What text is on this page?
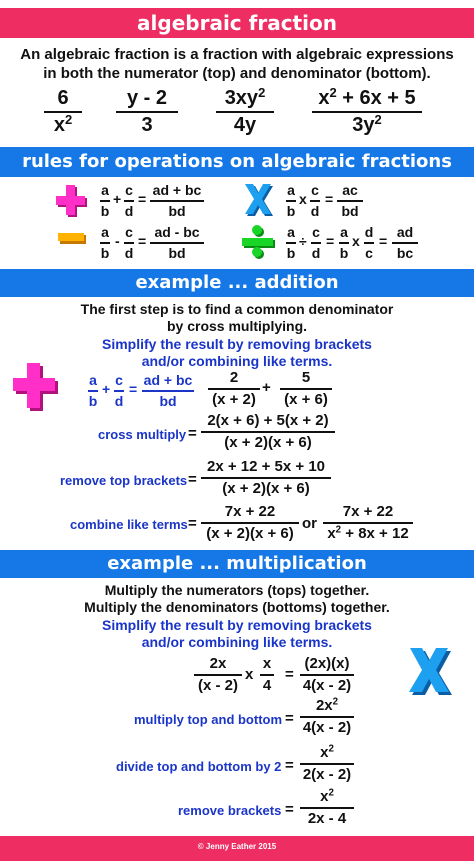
algebraic fraction
An algebraic fraction is a fraction with algebraic expressions
in both the numerator (top) and denominator (bottom).
6
$x^2$
y - 2
3
$3xy^2$
4y
$x^2 + 6x + 5$
$3y^2$
rules for operations on algebraic fractions
a
b
+
c
d
=
ad + bc
bd
a
b
-
c
d
=
ad - bc
bd
a
b
x
c
d
=
ac
bd
a
b
÷
c
d
=
a
b
x
d
c
=
ad
bc
example ... addition
The first step is to find a common denominator
by cross multiplying.
Simplify the result by removing brackets
and/or combining like terms.
a
b
+
c
d
=
ad + bc
bd
2
(x + 2)
+
5
(x + 6)
cross multiply =
2(x + 6) + 5(x + 2)
(x + 2)(x + 6)
remove top brackets =
2x + 12 + 5x + 10
(x + 2)(x + 6)
combine like terms =
7x + 22
(x + 2)(x + 6)
or
7x + 22
$x^2 + 8x + 12$
example ... multiplication
Multiply the numerators (tops) together.
Multiply the denominators (bottoms) together.
Simplify the result by removing brackets
and/or combining like terms.
2x
(x - 2)
x
x
4
=
(2x)(x)
4(x - 2)
multiply top and bottom =
$2x^2$
4(x - 2)
divide top and bottom by 2 =
$x^2$
2(x - 2)
remove brackets =
$x^2$
2x - 4
© Jenny Eather 2015
